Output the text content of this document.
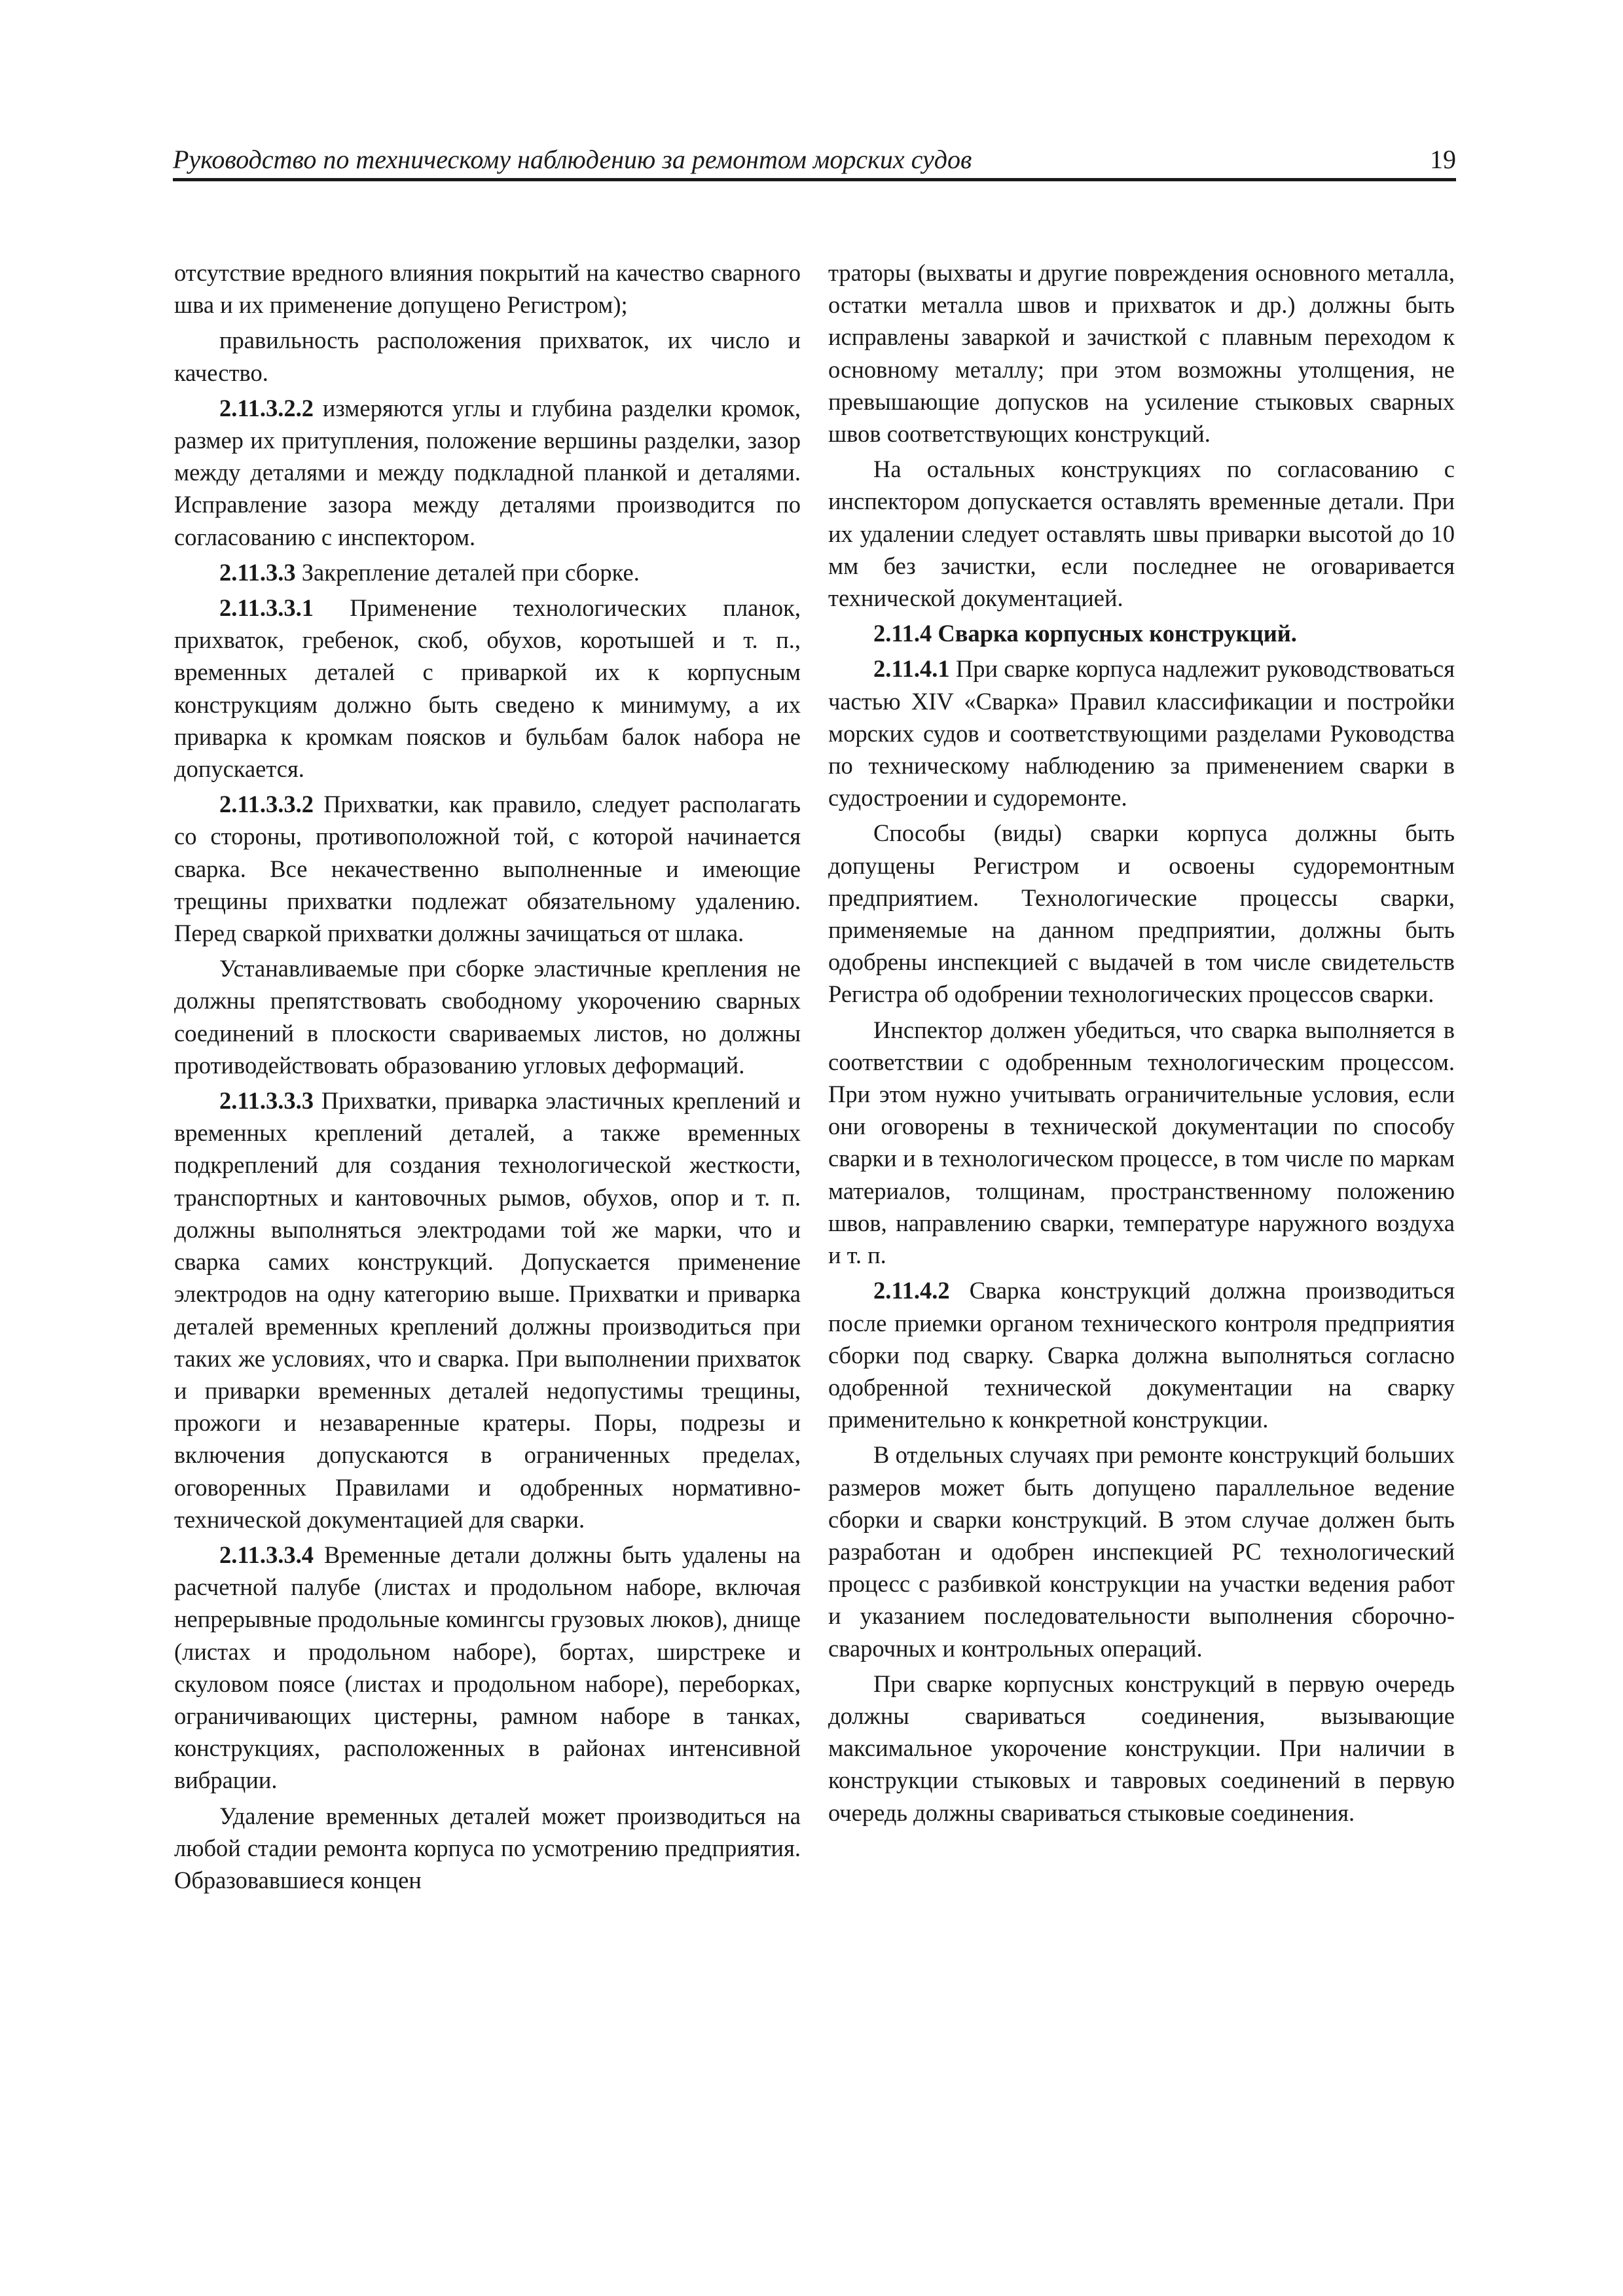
Руководство по техническому наблюдению за ремонтом морских судов	19

отсутствие вредного влияния покрытий на качество сварного шва и их применение допущено Регистром);

правильность расположения прихваток, их число и качество.

2.11.3.2.2 измеряются углы и глубина разделки кромок, размер их притупления, положение вершины разделки, зазор между деталями и между подкладной планкой и деталями. Исправление зазора между деталями производится по согласованию с инспектором.

2.11.3.3 Закрепление деталей при сборке.

2.11.3.3.1 Применение технологических планок, прихваток, гребенок, скоб, обухов, коротышей и т. п., временных деталей с приваркой их к корпусным конструкциям должно быть сведено к минимуму, а их приварка к кромкам поясков и бульбам балок набора не допускается.

2.11.3.3.2 Прихватки, как правило, следует располагать со стороны, противоположной той, с которой начинается сварка. Все некачественно выполненные и имеющие трещины прихватки подлежат обязательному удалению. Перед сваркой прихватки должны зачищаться от шлака.

Устанавливаемые при сборке эластичные крепления не должны препятствовать свободному укорочению сварных соединений в плоскости свариваемых листов, но должны противодействовать образованию угловых деформаций.

2.11.3.3.3 Прихватки, приварка эластичных креплений и временных креплений деталей, а также временных подкреплений для создания технологической жесткости, транспортных и кантовочных рымов, обухов, опор и т. п. должны выполняться электродами той же марки, что и сварка самих конструкций. Допускается применение электродов на одну категорию выше. Прихватки и приварка деталей временных креплений должны производиться при таких же условиях, что и сварка. При выполнении прихваток и приварки временных деталей недопустимы трещины, прожоги и незаваренные кратеры. Поры, подрезы и включения допускаются в ограниченных пределах, оговоренных Правилами и одобренных нормативно-технической документацией для сварки.

2.11.3.3.4 Временные детали должны быть удалены на расчетной палубе (листах и продольном наборе, включая непрерывные продольные комингсы грузовых люков), днище (листах и продольном наборе), бортах, ширстреке и скуловом поясе (листах и продольном наборе), переборках, ограничивающих цистерны, рамном наборе в танках, конструкциях, расположенных в районах интенсивной вибрации.

Удаление временных деталей может производиться на любой стадии ремонта корпуса по усмотрению предприятия. Образовавшиеся концен

траторы (выхваты и другие повреждения основного металла, остатки металла швов и прихваток и др.) должны быть исправлены заваркой и зачисткой с плавным переходом к основному металлу; при этом возможны утолщения, не превышающие допусков на усиление стыковых сварных швов соответствующих конструкций.

На остальных конструкциях по согласованию с инспектором допускается оставлять временные детали. При их удалении следует оставлять швы приварки высотой до 10 мм без зачистки, если последнее не оговаривается технической документацией.

2.11.4 Сварка корпусных конструкций.

2.11.4.1 При сварке корпуса надлежит руководствоваться частью XIV «Сварка» Правил классификации и постройки морских судов и соответствующими разделами Руководства по техническому наблюдению за применением сварки в судостроении и судоремонте.

Способы (виды) сварки корпуса должны быть допущены Регистром и освоены судоремонтным предприятием. Технологические процессы сварки, применяемые на данном предприятии, должны быть одобрены инспекцией с выдачей в том числе свидетельств Регистра об одобрении технологических процессов сварки.

Инспектор должен убедиться, что сварка выполняется в соответствии с одобренным технологическим процессом. При этом нужно учитывать ограничительные условия, если они оговорены в технической документации по способу сварки и в технологическом процессе, в том числе по маркам материалов, толщинам, пространственному положению швов, направлению сварки, температуре наружного воздуха и т. п.

2.11.4.2 Сварка конструкций должна производиться после приемки органом технического контроля предприятия сборки под сварку. Сварка должна выполняться согласно одобренной технической документации на сварку применительно к конкретной конструкции.

В отдельных случаях при ремонте конструкций больших размеров может быть допущено параллельное ведение сборки и сварки конструкций. В этом случае должен быть разработан и одобрен инспекцией РС технологический процесс с разбивкой конструкции на участки ведения работ и указанием последовательности выполнения сборочно-сварочных и контрольных операций.

При сварке корпусных конструкций в первую очередь должны свариваться соединения, вызывающие максимальное укорочение конструкции. При наличии в конструкции стыковых и тавровых соединений в первую очередь должны свариваться стыковые соединения.
